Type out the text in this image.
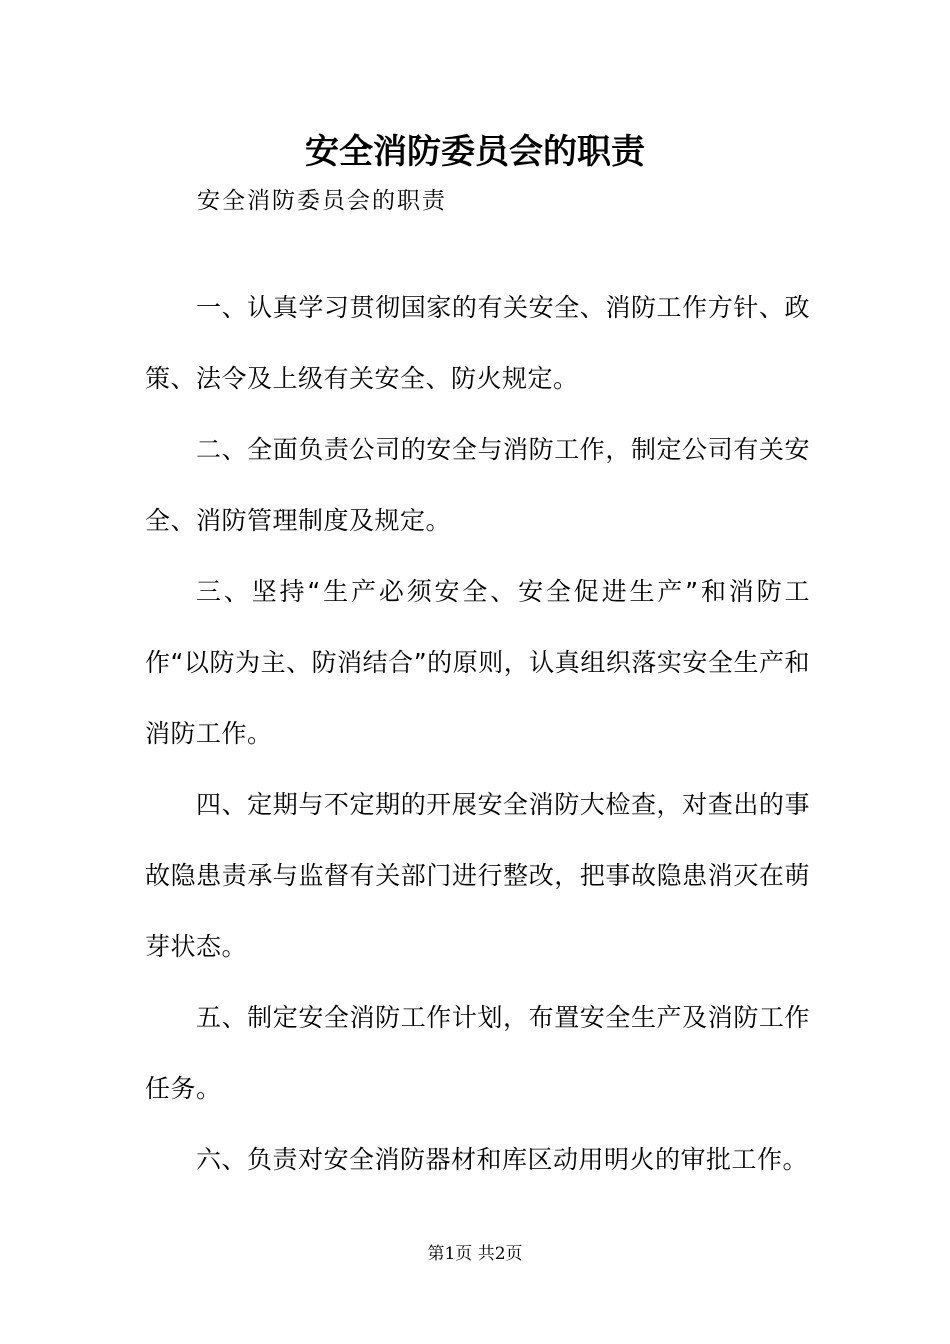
安全消防委员会的职责

安全消防委员会的职责

一、认真学习贯彻国家的有关安全、消防工作方针、政策、法令及上级有关安全、防火规定。

二、全面负责公司的安全与消防工作，制定公司有关安全、消防管理制度及规定。

三、坚持“生产必须安全、安全促进生产”和消防工作“以防为主、防消结合”的原则，认真组织落实安全生产和消防工作。

四、定期与不定期的开展安全消防大检查，对查出的事故隐患责承与监督有关部门进行整改，把事故隐患消灭在萌芽状态。

五、制定安全消防工作计划，布置安全生产及消防工作任务。

六、负责对安全消防器材和库区动用明火的审批工作。

第1页 共2页
